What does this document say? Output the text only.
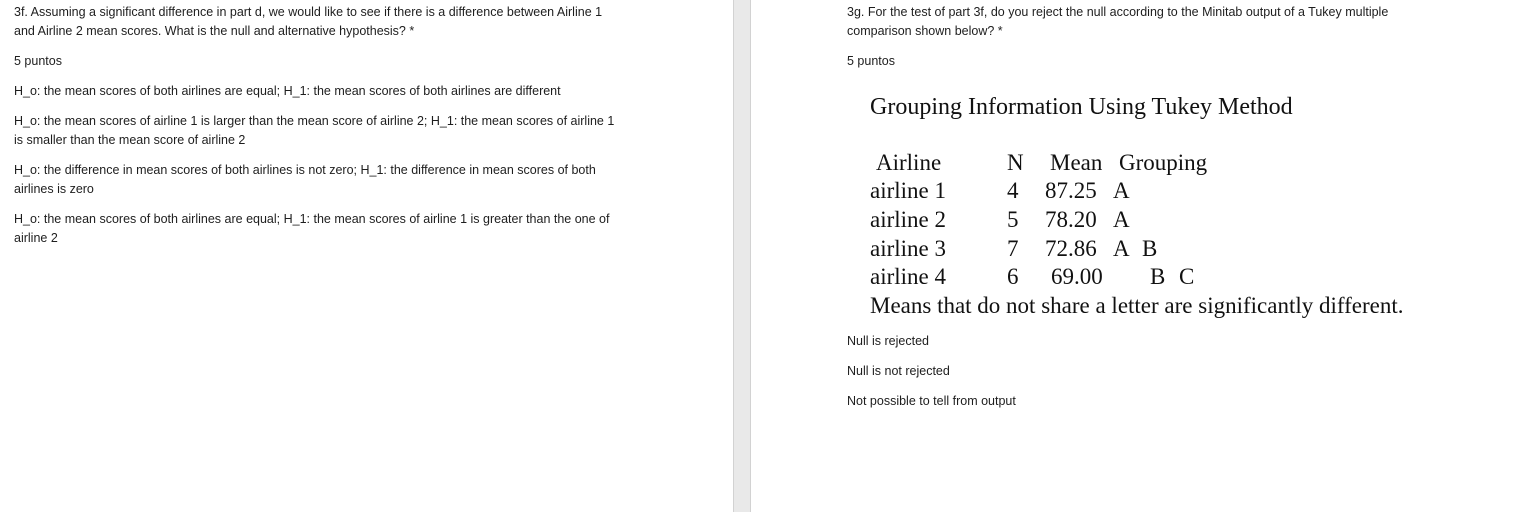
3f. Assuming a significant difference in part d, we would like to see if there is a difference between Airline 1 and Airline 2 mean scores. What is the null and alternative hypothesis? *

5 puntos
H_o: the mean scores of both airlines are equal; H_1: the mean scores of both airlines are different
H_o: the mean scores of airline 1 is larger than the mean score of airline 2; H_1: the mean scores of airline 1 is smaller than the mean score of airline 2
H_o: the difference in mean scores of both airlines is not zero; H_1: the difference in mean scores of both airlines is zero
H_o: the mean scores of both airlines are equal; H_1: the mean scores of airline 1 is greater than the one of airline 2

3g. For the test of part 3f, do you reject the null according to the Minitab output of a Tukey multiple comparison shown below? *

5 puntos
Grouping Information Using Tukey Method
Airline	N Mean Grouping
airline 1	4 87.25 A
airline 2	5 78.20 A
airline 3	7 72.86 A B
airline 4	6 69.00 B C
Means that do not share a letter are significantly different.
Null is rejected
Null is not rejected
Not possible to tell from output
